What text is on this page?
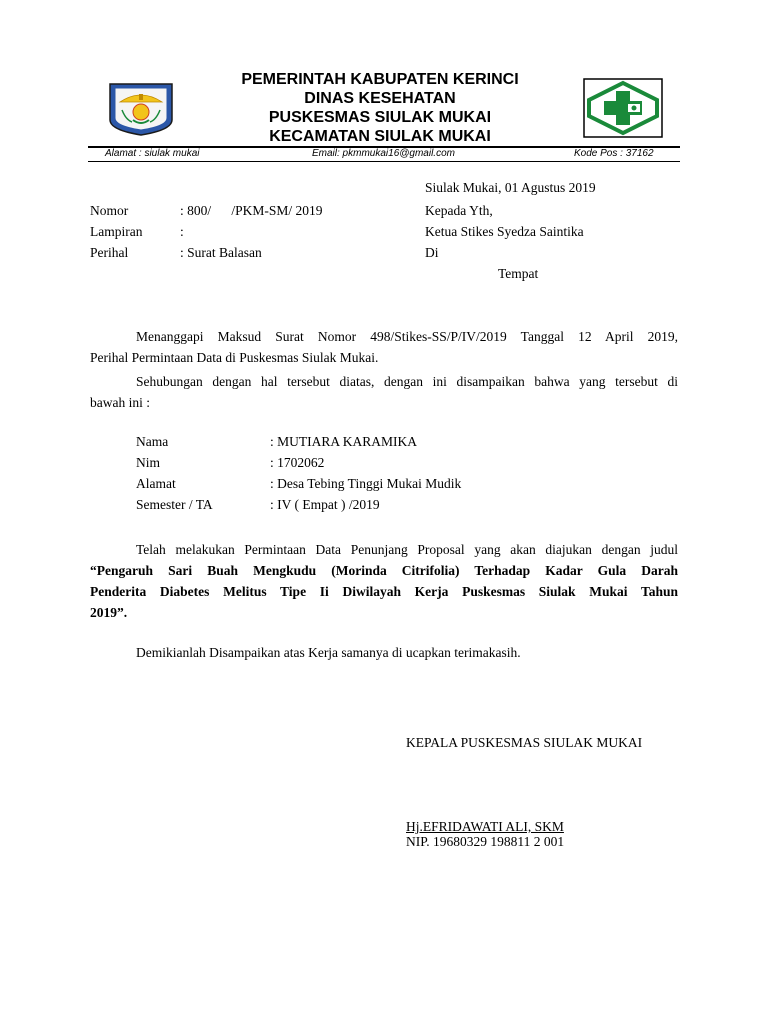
PEMERINTAH KABUPATEN KERINCI
DINAS KESEHATAN
PUSKESMAS SIULAK MUKAI
KECAMATAN SIULAK MUKAI
Alamat : siulak mukai	Email: pkmmukai16@gmail.com	Kode Pos : 37162
Siulak Mukai, 01 Agustus 2019
Nomor	: 800/      /PKM-SM/ 2019	Kepada Yth,
Lampiran	:	Ketua Stikes Syedza Saintika
Perihal	: Surat Balasan	Di
Tempat
Menanggapi Maksud Surat Nomor 498/Stikes-SS/P/IV/2019 Tanggal 12 April 2019,
Perihal Permintaan Data di Puskesmas Siulak Mukai.
Sehubungan dengan hal tersebut diatas, dengan ini disampaikan bahwa yang tersebut di
bawah ini :
Nama	: MUTIARA KARAMIKA
Nim	: 1702062
Alamat	: Desa Tebing Tinggi Mukai Mudik
Semester / TA	: IV ( Empat ) /2019
Telah melakukan Permintaan Data Penunjang Proposal yang akan diajukan dengan judul
“Pengaruh Sari Buah Mengkudu (Morinda Citrifolia) Terhadap Kadar Gula Darah
Penderita Diabetes Melitus Tipe Ii Diwilayah Kerja Puskesmas Siulak Mukai Tahun
2019”.
Demikianlah Disampaikan atas Kerja samanya di ucapkan terimakasih.
KEPALA PUSKESMAS SIULAK MUKAI
Hj.EFRIDAWATI ALI, SKM
NIP. 19680329 198811 2 001
